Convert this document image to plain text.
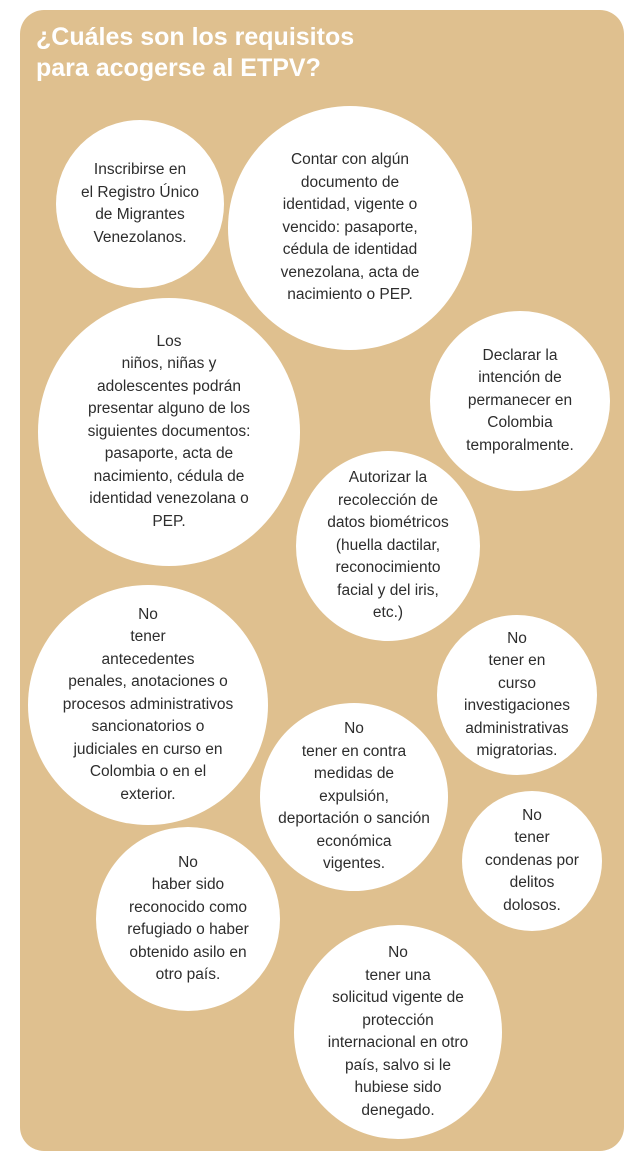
¿Cuáles son los requisitos
para acogerse al ETPV?

Inscribirse en
el Registro Único
de Migrantes
Venezolanos.

Contar con algún
documento de
identidad, vigente o
vencido: pasaporte,
cédula de identidad
venezolana, acta de
nacimiento o PEP.

Los
niños, niñas y
adolescentes podrán
presentar alguno de los
siguientes documentos:
pasaporte, acta de
nacimiento, cédula de
identidad venezolana o
PEP.

Declarar la
intención de
permanecer en
Colombia
temporalmente.

Autorizar la
recolección de
datos biométricos
(huella dactilar,
reconocimiento
facial y del iris,
etc.)

No
tener
antecedentes
penales, anotaciones o
procesos administrativos
sancionatorios o
judiciales en curso en
Colombia o en el
exterior.

No
tener en
curso
investigaciones
administrativas
migratorias.

No
tener en contra
medidas de
expulsión,
deportación o sanción
económica
vigentes.

No
tener
condenas por
delitos
dolosos.

No
haber sido
reconocido como
refugiado o haber
obtenido asilo en
otro país.

No
tener una
solicitud vigente de
protección
internacional en otro
país, salvo si le
hubiese sido
denegado.
